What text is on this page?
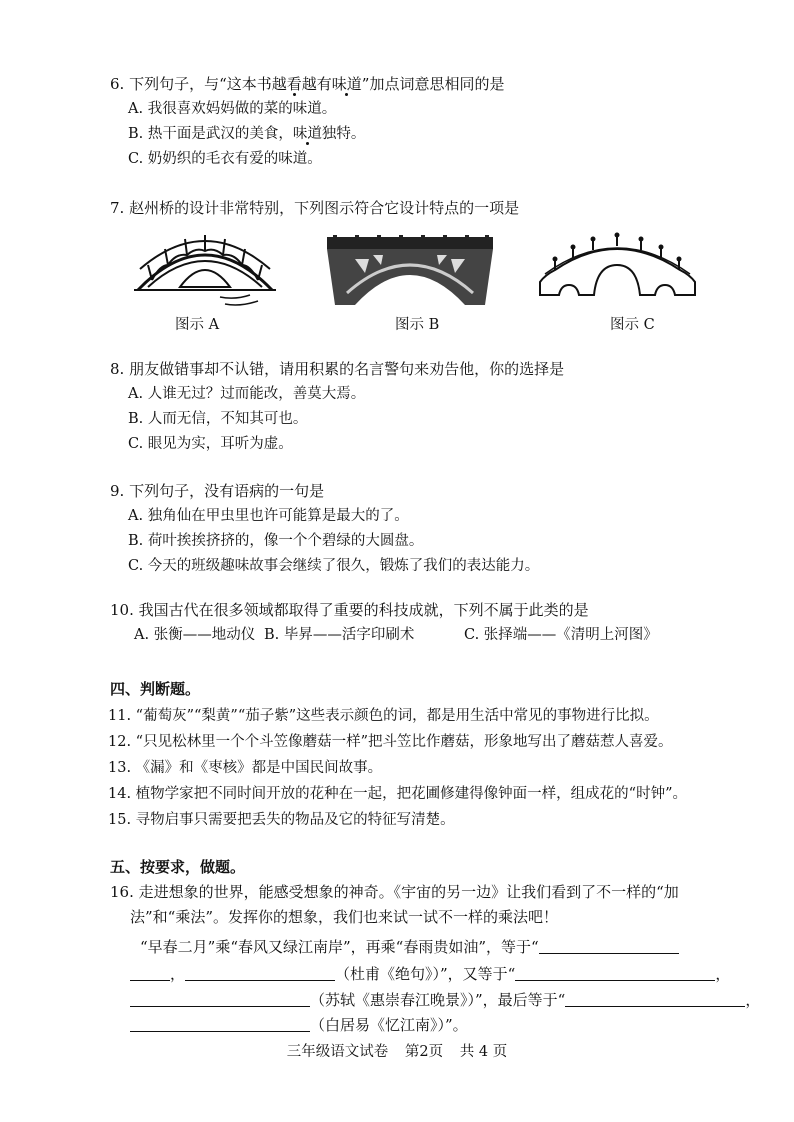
6. 下列句子，与“这本书越看越有味道”加点词意思相同的是
A. 我很喜欢妈妈做的菜的味道。
B. 热干面是武汉的美食，味道独特。
C. 奶奶织的毛衣有爱的味道。
7. 赵州桥的设计非常特别，下列图示符合它设计特点的一项是
图示 A	图示 B	图示 C
8. 朋友做错事却不认错，请用积累的名言警句来劝告他，你的选择是
A. 人谁无过？过而能改，善莫大焉。
B. 人而无信，不知其可也。
C. 眼见为实，耳听为虚。
9. 下列句子，没有语病的一句是
A. 独角仙在甲虫里也许可能算是最大的了。
B. 荷叶挨挨挤挤的，像一个个碧绿的大圆盘。
C. 今天的班级趣味故事会继续了很久，锻炼了我们的表达能力。
10. 我国古代在很多领域都取得了重要的科技成就，下列不属于此类的是
A. 张衡——地动仪 B. 毕昇——活字印刷术	C. 张择端——《清明上河图》
四、判断题。
11. “葡萄灰”“梨黄”“茄子紫”这些表示颜色的词，都是用生活中常见的事物进行比拟。
12. “只见松林里一个个斗笠像蘑菇一样”把斗笠比作蘑菇，形象地写出了蘑菇惹人喜爱。
13. 《漏》和《枣核》都是中国民间故事。
14. 植物学家把不同时间开放的花种在一起，把花圃修建得像钟面一样，组成花的“时钟”。
15. 寻物启事只需要把丢失的物品及它的特征写清楚。
五、按要求，做题。
16. 走进想象的世界，能感受想象的神奇。《宇宙的另一边》让我们看到了不一样的“加
法”和“乘法”。发挥你的想象，我们也来试一试不一样的乘法吧！
“早春二月”乘“春风又绿江南岸”，再乘“春雨贵如油”，等于“
，	（杜甫《绝句》）”，又等于“	，
（苏轼《惠崇春江晚景》）”，最后等于“	，
（白居易《忆江南》）”。
三年级语文试卷 第2页 共 4 页
